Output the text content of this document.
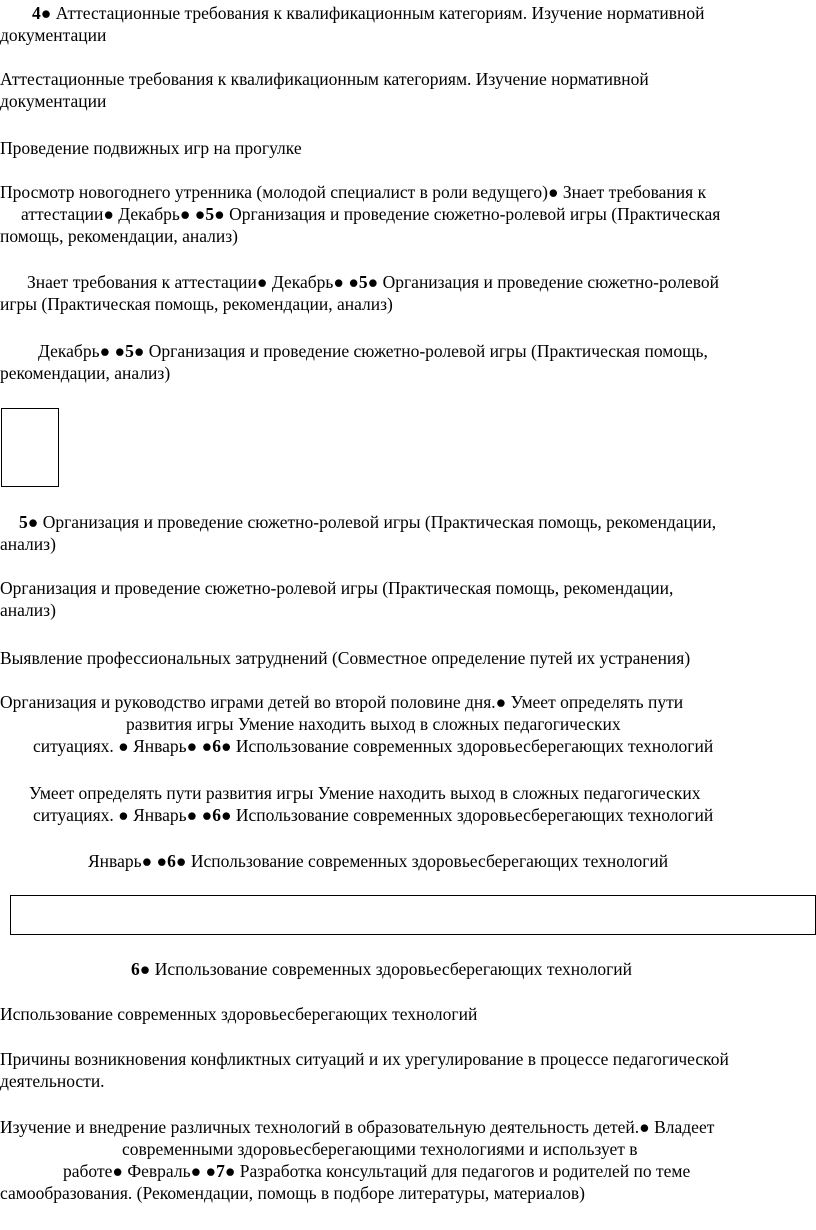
4● Аттестационные требования к квалификационным категориям. Изучение нормативной
документации
Аттестационные требования к квалификационным категориям. Изучение нормативной
документации
Проведение подвижных игр на прогулке
Просмотр новогоднего утренника (молодой специалист в роли ведущего)● Знает требования к
аттестации● Декабрь● ●5● Организация и проведение сюжетно-ролевой игры (Практическая
помощь, рекомендации, анализ)
Знает требования к аттестации● Декабрь● ●5● Организация и проведение сюжетно-ролевой
игры (Практическая помощь, рекомендации, анализ)
Декабрь● ●5● Организация и проведение сюжетно-ролевой игры (Практическая помощь,
рекомендации, анализ)
5● Организация и проведение сюжетно-ролевой игры (Практическая помощь, рекомендации,
анализ)
Организация и проведение сюжетно-ролевой игры (Практическая помощь, рекомендации,
анализ)
Выявление профессиональных затруднений (Совместное определение путей их устранения)
Организация и руководство играми детей во второй половине дня.● Умеет определять пути
развития игры Умение находить выход в сложных педагогических
ситуациях. ● Январь● ●6● Использование современных здоровьесберегающих технологий
Умеет определять пути развития игры Умение находить выход в сложных педагогических
ситуациях. ● Январь● ●6● Использование современных здоровьесберегающих технологий
Январь● ●6● Использование современных здоровьесберегающих технологий
6● Использование современных здоровьесберегающих технологий
Использование современных здоровьесберегающих технологий
Причины возникновения конфликтных ситуаций и их урегулирование в процессе педагогической
деятельности.
Изучение и внедрение различных технологий в образовательную деятельность детей.● Владеет
современными здоровьесберегающими технологиями и использует в
работе● Февраль● ●7● Разработка консультаций для педагогов и родителей по теме
самообразования. (Рекомендации, помощь в подборе литературы, материалов)
